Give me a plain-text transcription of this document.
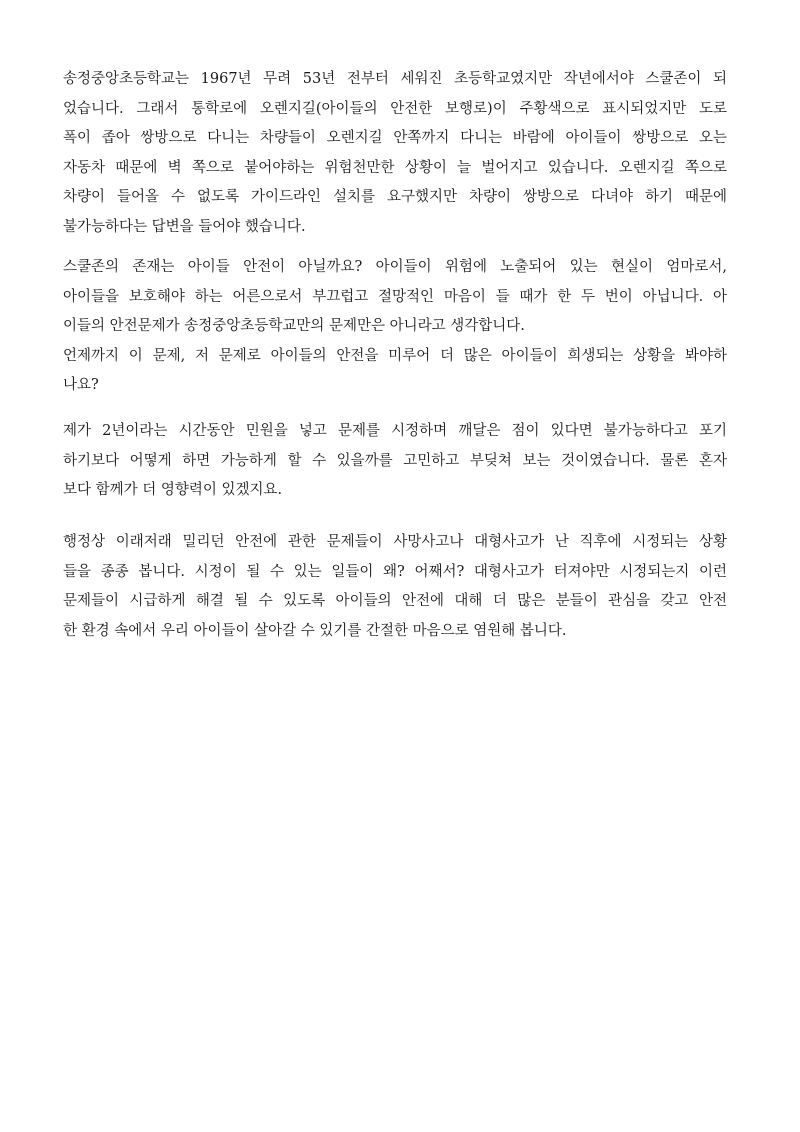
송정중앙초등학교는 1967년 무려 53년 전부터 세워진 초등학교였지만 작년에서야 스쿨존이 되
었습니다. 그래서 통학로에 오렌지길(아이들의 안전한 보행로)이 주황색으로 표시되었지만 도로
폭이 좁아 쌍방으로 다니는 차량들이 오렌지길 안쪽까지 다니는 바람에 아이들이 쌍방으로 오는
자동차 때문에 벽 쪽으로 붙어야하는 위험천만한 상황이 늘 벌어지고 있습니다. 오렌지길 쪽으로
차량이 들어올 수 없도록 가이드라인 설치를 요구했지만 차량이 쌍방으로 다녀야 하기 때문에
불가능하다는 답변을 들어야 했습니다.
스쿨존의 존재는 아이들 안전이 아닐까요? 아이들이 위험에 노출되어 있는 현실이 엄마로서,
아이들을 보호해야 하는 어른으로서 부끄럽고 절망적인 마음이 들 때가 한 두 번이 아닙니다. 아
이들의 안전문제가 송정중앙초등학교만의 문제만은 아니라고 생각합니다.
언제까지 이 문제, 저 문제로 아이들의 안전을 미루어 더 많은 아이들이 희생되는 상황을 봐야하
나요?
제가 2년이라는 시간동안 민원을 넣고 문제를 시정하며 깨달은 점이 있다면 불가능하다고 포기
하기보다 어떻게 하면 가능하게 할 수 있을까를 고민하고 부딪쳐 보는 것이였습니다. 물론 혼자
보다 함께가 더 영향력이 있겠지요.
행정상 이래저래 밀리던 안전에 관한 문제들이 사망사고나 대형사고가 난 직후에 시정되는 상황
들을 종종 봅니다. 시정이 될 수 있는 일들이 왜? 어째서? 대형사고가 터져야만 시정되는지 이런
문제들이 시급하게 해결 될 수 있도록 아이들의 안전에 대해 더 많은 분들이 관심을 갖고 안전
한 환경 속에서 우리 아이들이 살아갈 수 있기를 간절한 마음으로 염원해 봅니다.
